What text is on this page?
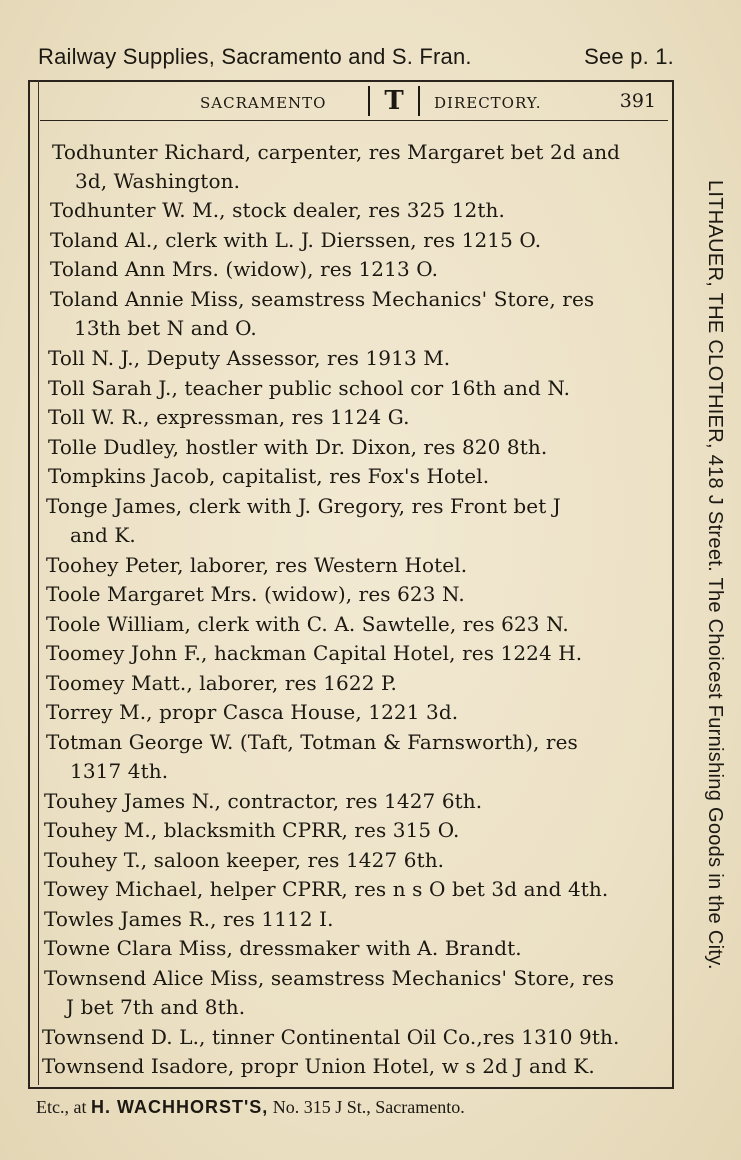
Railway Supplies, Sacramento and S. Fran.	See p. 1.
SACRAMENTO	T	DIRECTORY.	391
Todhunter Richard, carpenter, res Margaret bet 2d and
3d, Washington.
Todhunter W. M., stock dealer, res 325 12th.
Toland Al., clerk with L. J. Dierssen, res 1215 O.
Toland Ann Mrs. (widow), res 1213 O.
Toland Annie Miss, seamstress Mechanics' Store, res
13th bet N and O.
Toll N. J., Deputy Assessor, res 1913 M.
Toll Sarah J., teacher public school cor 16th and N.
Toll W. R., expressman, res 1124 G.
Tolle Dudley, hostler with Dr. Dixon, res 820 8th.
Tompkins Jacob, capitalist, res Fox's Hotel.
Tonge James, clerk with J. Gregory, res Front bet J
and K.
Toohey Peter, laborer, res Western Hotel.
Toole Margaret Mrs. (widow), res 623 N.
Toole William, clerk with C. A. Sawtelle, res 623 N.
Toomey John F., hackman Capital Hotel, res 1224 H.
Toomey Matt., laborer, res 1622 P.
Torrey M., propr Casca House, 1221 3d.
Totman George W. (Taft, Totman & Farnsworth), res
1317 4th.
Touhey James N., contractor, res 1427 6th.
Touhey M., blacksmith CPRR, res 315 O.
Touhey T., saloon keeper, res 1427 6th.
Towey Michael, helper CPRR, res n s O bet 3d and 4th.
Towles James R., res 1112 I.
Towne Clara Miss, dressmaker with A. Brandt.
Townsend Alice Miss, seamstress Mechanics' Store, res
J bet 7th and 8th.
Townsend D. L., tinner Continental Oil Co.,res 1310 9th.
Townsend Isadore, propr Union Hotel, w s 2d J and K.
LITHAUER, THE CLOTHIER, 418 J Street. The Choicest Furnishing Goods in the City.
Etc., at H. WACHHORST'S, No. 315 J St., Sacramento.
